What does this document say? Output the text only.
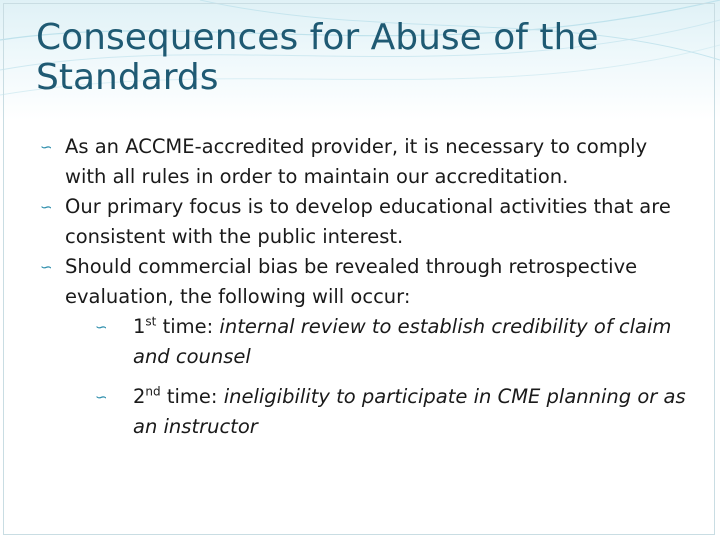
Consequences for Abuse of the Standards
∽ As an ACCME-accredited provider, it is necessary to comply with all rules in order to maintain our accreditation.
∽ Our primary focus is to develop educational activities that are consistent with the public interest.
∽ Should commercial bias be revealed through retrospective evaluation, the following will occur:
∽ 1st time: internal review to establish credibility of claim and counsel
∽ 2nd time: ineligibility to participate in CME planning or as an instructor
